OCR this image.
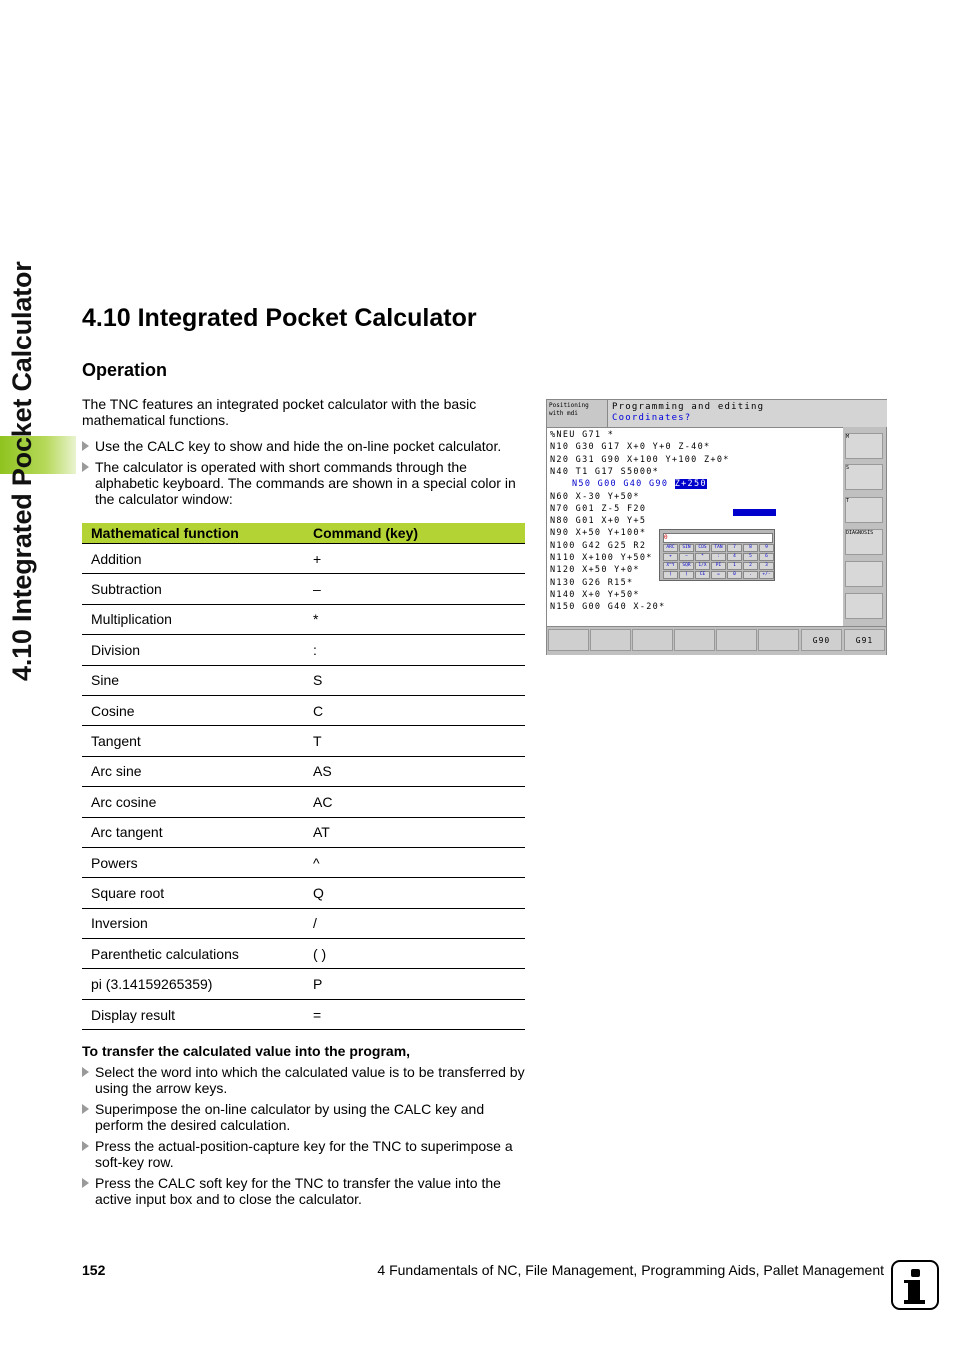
4.10 Integrated Pocket Calculator	4.10 Integrated Pocket Calculator
Operation
The TNC features an integrated pocket calculator with the basic mathematical functions.
Use the CALC key to show and hide the on-line pocket calculator.
The calculator is operated with short commands through the alphabetic keyboard. The commands are shown in a special color in the calculator window:
Mathematical function	Command (key)
Addition	+
Subtraction	–
Multiplication	*
Division	:
Sine	S
Cosine	C
Tangent	T
Arc sine	AS
Arc cosine	AC
Arc tangent	AT
Powers	^
Square root	Q
Inversion	/
Parenthetic calculations	( )
pi (3.14159265359)	P
Display result	=
To transfer the calculated value into the program,
Select the word into which the calculated value is to be transferred by using the arrow keys.
Superimpose the on-line calculator by using the CALC key and perform the desired calculation.
Press the actual-position-capture key for the TNC to superimpose a soft-key row.
Press the CALC soft key for the TNC to transfer the value into the active input box and to close the calculator.
152	4 Fundamentals of NC, File Management, Programming Aids, Pallet Management
Positioning with mdi
Programming and editing
Coordinates?
%NEU G71 *
N10 G30 G17 X+0 Y+0 Z-40*
N20 G31 G90 X+100 Y+100 Z+0*
N40 T1 G17 S5000*
N50 G00 G40 G90 Z+250
N60 X-30 Y+50*
N70 G01 Z-5 F20
N80 G01 X+0 Y+5
N90 X+50 Y+100*
N100 G42 G25 R2
N110 X+100 Y+50*
N120 X+50 Y+0*
N130 G26 R15*
N140 X+0 Y+50*
N150 G00 G40 X-20*
0
ARC	SIN	COS	TAN	7	8	9
+	–	*	:	4	5	6
X^Y	SQR	1/X	PI	1	2	3
(	)	CE	=	0	.	+/-
M
S
T
DIAGNOSIS
G90	G91
